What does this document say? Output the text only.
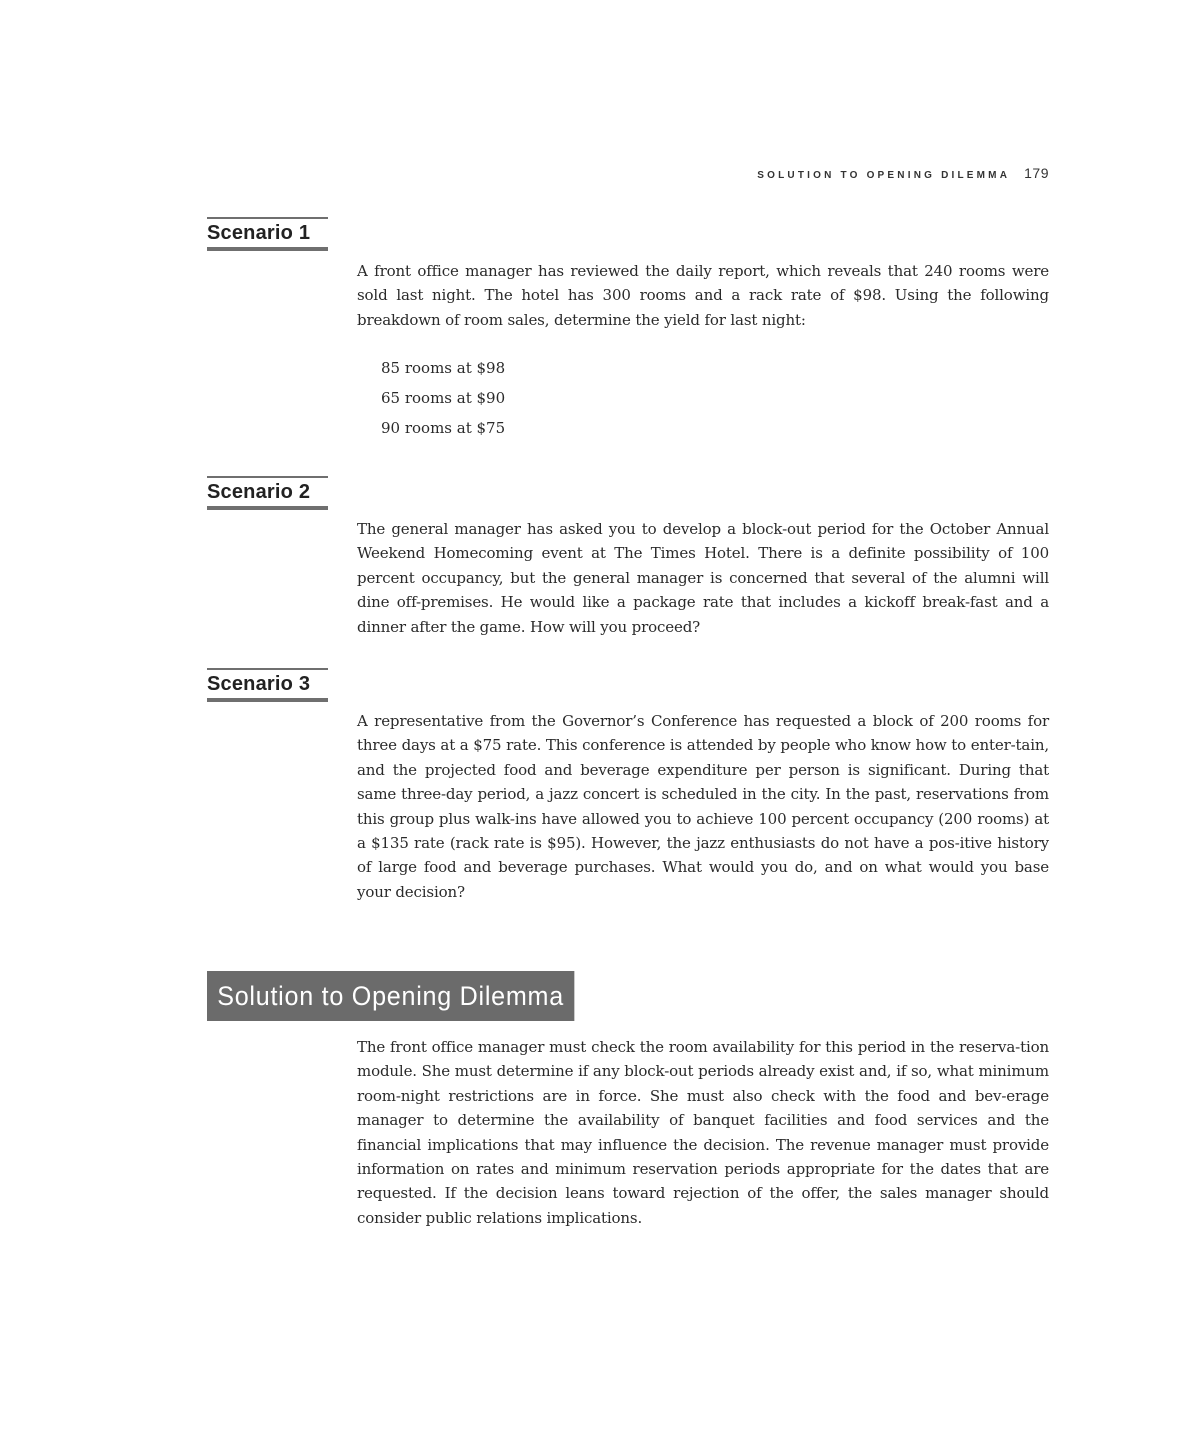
SOLUTION TO OPENING DILEMMA 179
Scenario 1

A front office manager has reviewed the daily report, which reveals that 240 rooms were sold last night. The hotel has 300 rooms and a rack rate of $98. Using the following breakdown of room sales, determine the yield for last night:

85 rooms at $98
65 rooms at $90
90 rooms at $75
Scenario 2

The general manager has asked you to develop a block-out period for the October Annual Weekend Homecoming event at The Times Hotel. There is a definite possibility of 100 percent occupancy, but the general manager is concerned that several of the alumni will dine off-premises. He would like a package rate that includes a kickoff break-fast and a dinner after the game. How will you proceed?

Scenario 3

A representative from the Governor’s Conference has requested a block of 200 rooms for three days at a $75 rate. This conference is attended by people who know how to enter-tain, and the projected food and beverage expenditure per person is significant. During that same three-day period, a jazz concert is scheduled in the city. In the past, reservations from this group plus walk-ins have allowed you to achieve 100 percent occupancy (200 rooms) at a $135 rate (rack rate is $95). However, the jazz enthusiasts do not have a pos-itive history of large food and beverage purchases. What would you do, and on what would you base your decision?

Solution to Opening Dilemma

The front office manager must check the room availability for this period in the reserva-tion module. She must determine if any block-out periods already exist and, if so, what minimum room-night restrictions are in force. She must also check with the food and bev-erage manager to determine the availability of banquet facilities and food services and the financial implications that may influence the decision. The revenue manager must provide information on rates and minimum reservation periods appropriate for the dates that are requested. If the decision leans toward rejection of the offer, the sales manager should consider public relations implications.
